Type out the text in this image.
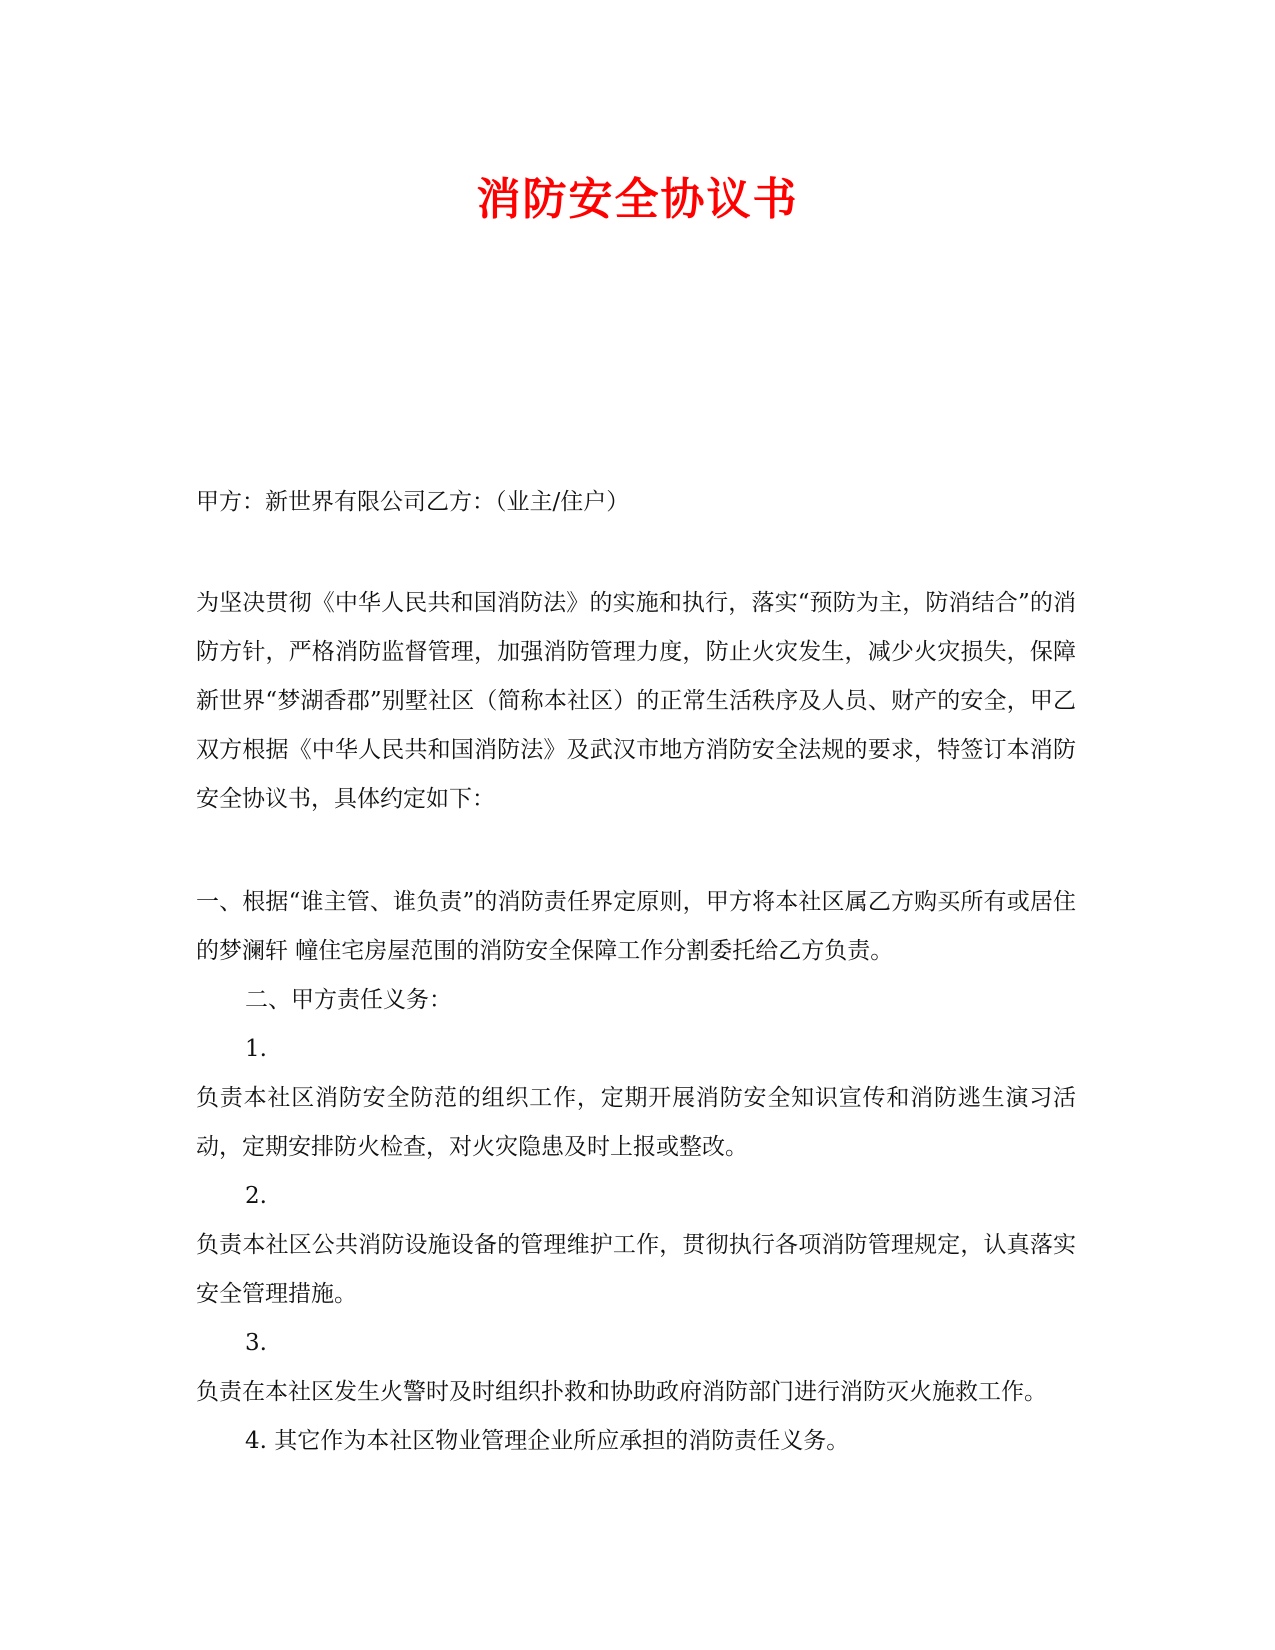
消防安全协议书

甲方：新世界有限公司乙方：（业主/住户）

为坚决贯彻《中华人民共和国消防法》的实施和执行，落实“预防为主，防消结合”的消防方针，严格消防监督管理，加强消防管理力度，防止火灾发生，减少火灾损失，保障新世界“梦湖香郡”别墅社区（简称本社区）的正常生活秩序及人员、财产的安全，甲乙双方根据《中华人民共和国消防法》及武汉市地方消防安全法规的要求，特签订本消防安全协议书，具体约定如下：

一、根据“谁主管、谁负责”的消防责任界定原则，甲方将本社区属乙方购买所有或居住的梦澜轩 幢住宅房屋范围的消防安全保障工作分割委托给乙方负责。

二、甲方责任义务：

1.

负责本社区消防安全防范的组织工作，定期开展消防安全知识宣传和消防逃生演习活动，定期安排防火检查，对火灾隐患及时上报或整改。

2.

负责本社区公共消防设施设备的管理维护工作，贯彻执行各项消防管理规定，认真落实安全管理措施。

3.

负责在本社区发生火警时及时组织扑救和协助政府消防部门进行消防灭火施救工作。

4. 其它作为本社区物业管理企业所应承担的消防责任义务。
